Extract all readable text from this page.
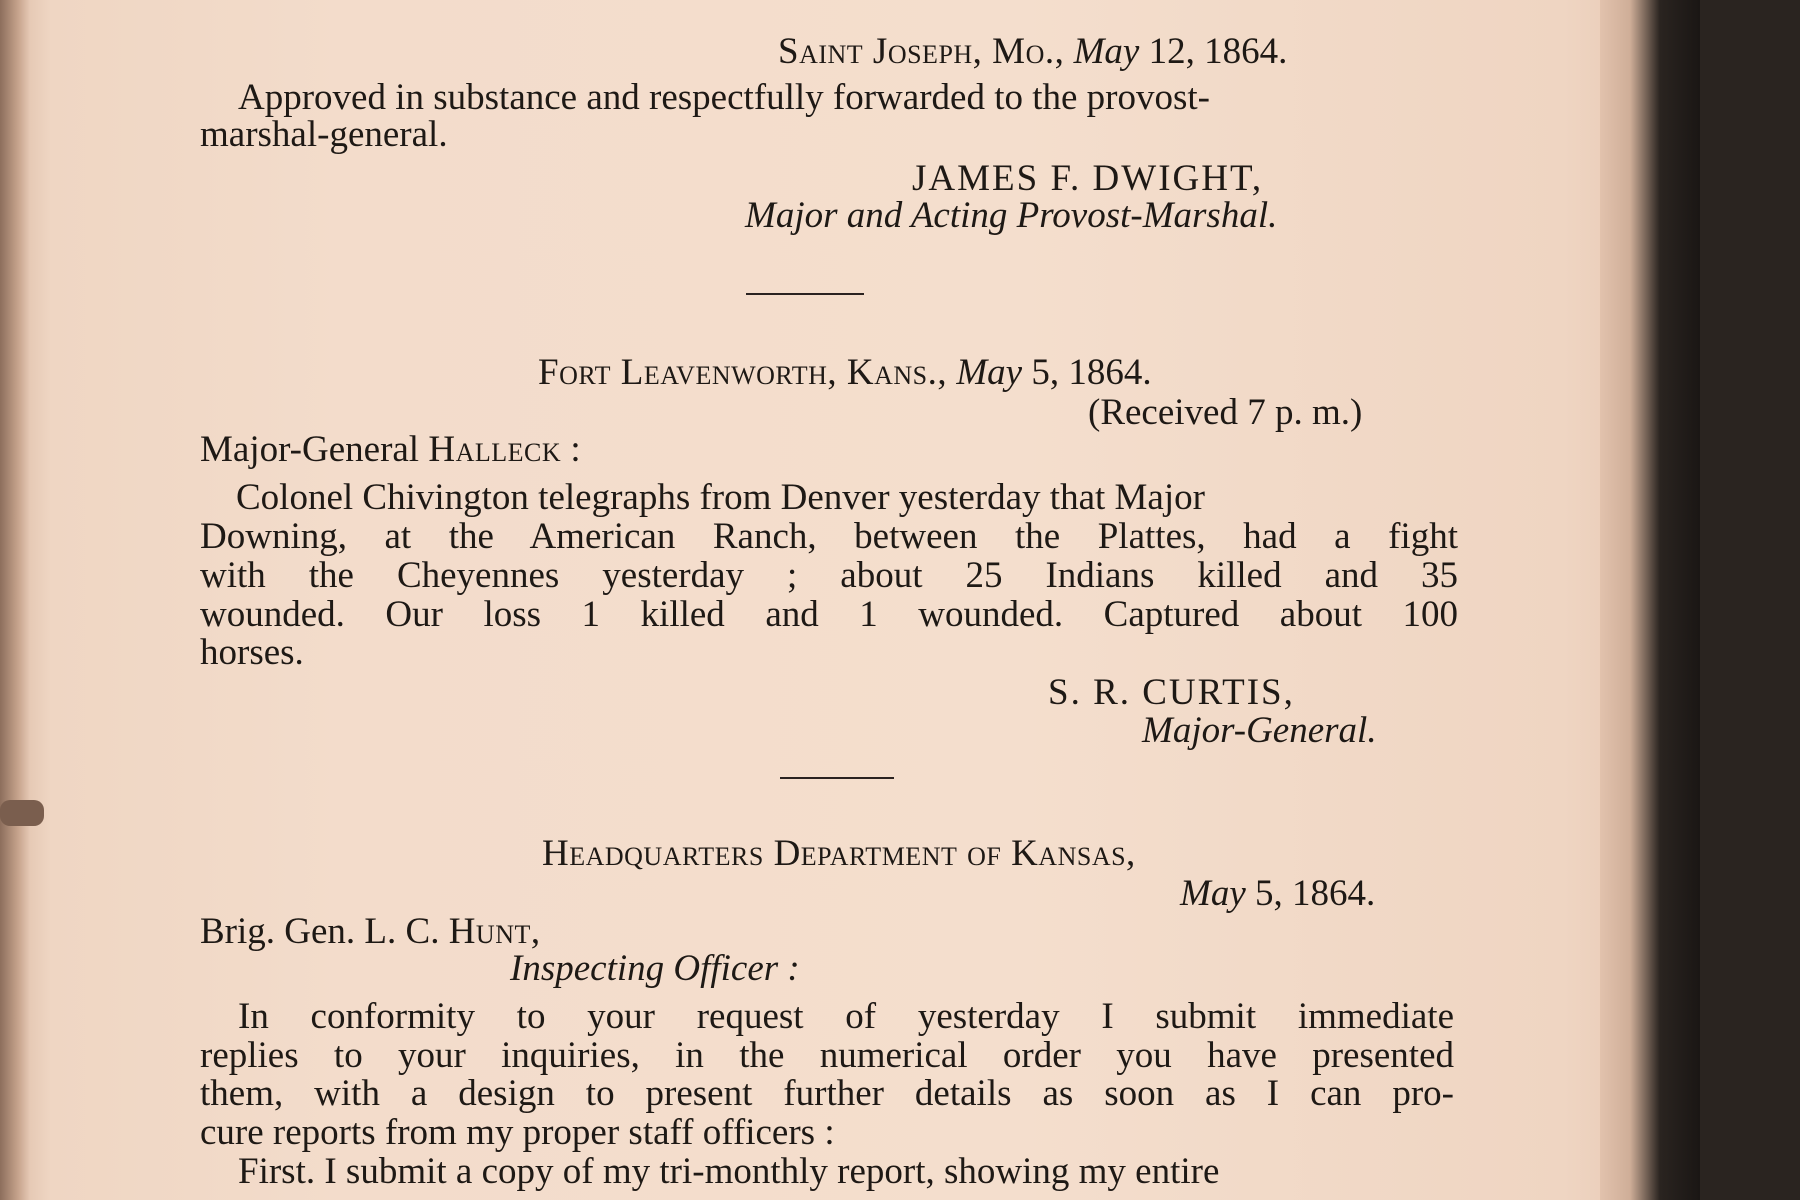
Saint Joseph, Mo., May 12, 1864.
Approved in substance and respectfully forwarded to the provost-
marshal-general.
JAMES F. DWIGHT,
Major and Acting Provost-Marshal.
Fort Leavenworth, Kans., May 5, 1864.
(Received 7 p. m.)
Major-General Halleck :
Colonel Chivington telegraphs from Denver yesterday that Major
Downing, at the American Ranch, between the Plattes, had a fight
with the Cheyennes yesterday ; about 25 Indians killed and 35
wounded. Our loss 1 killed and 1 wounded. Captured about 100
horses.
S. R. CURTIS,
Major-General.
Headquarters Department of Kansas,
May 5, 1864.
Brig. Gen. L. C. Hunt,
Inspecting Officer :
In conformity to your request of yesterday I submit immediate
replies to your inquiries, in the numerical order you have presented
them, with a design to present further details as soon as I can pro-
cure reports from my proper staff officers :
First. I submit a copy of my tri-monthly report, showing my entire
